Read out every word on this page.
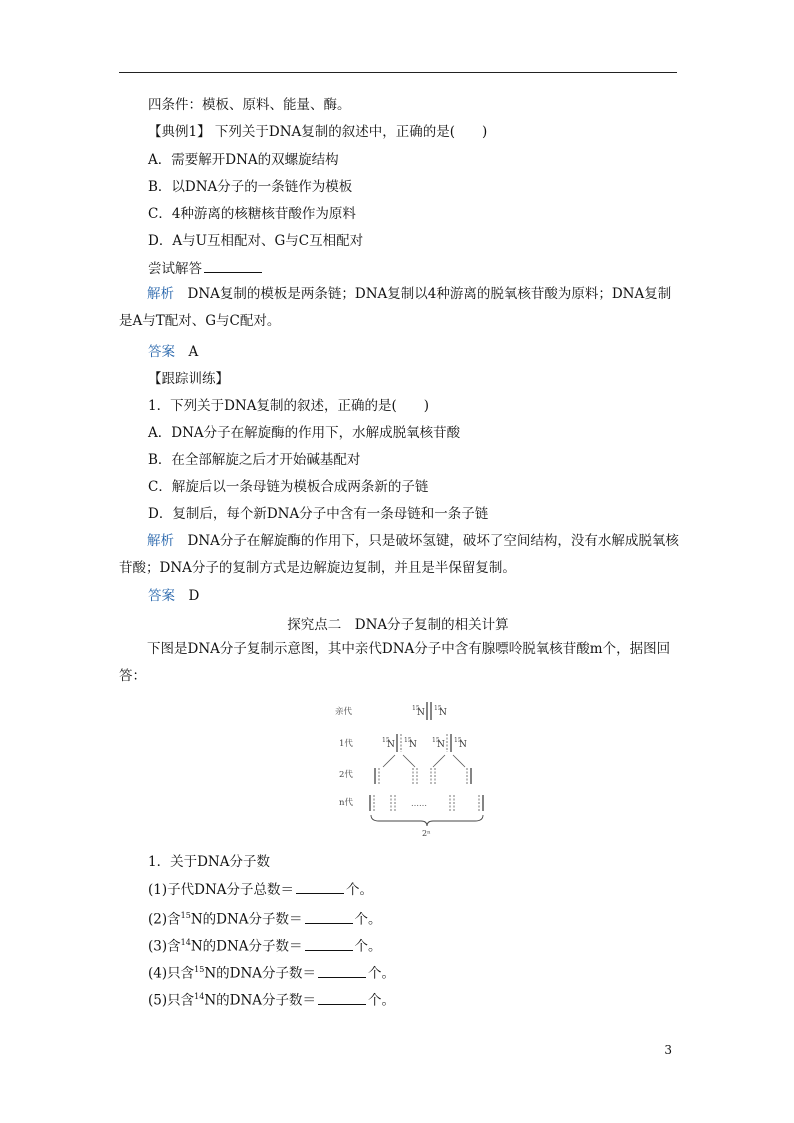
四条件：模板、原料、能量、酶。
【典例1】 下列关于DNA复制的叙述中，正确的是(　　)
A．需要解开DNA的双螺旋结构
B．以DNA分子的一条链作为模板
C．4种游离的核糖核苷酸作为原料
D．A与U互相配对、G与C互相配对
尝试解答
解析　 DNA复制的模板是两条链；DNA复制以4种游离的脱氧核苷酸为原料；DNA复制是A与T配对、G与C配对。
答案　 A
【跟踪训练】
1．下列关于DNA复制的叙述，正确的是(　　)
A．DNA分子在解旋酶的作用下，水解成脱氧核苷酸
B．在全部解旋之后才开始碱基配对
C．解旋后以一条母链为模板合成两条新的子链
D．复制后，每个新DNA分子中含有一条母链和一条子链
解析　 DNA分子在解旋酶的作用下，只是破坏氢键，破坏了空间结构，没有水解成脱氧核苷酸；DNA分子的复制方式是边解旋边复制，并且是半保留复制。
答案　 D
探究点二　DNA分子复制的相关计算
下图是DNA分子复制示意图，其中亲代DNA分子中含有腺嘌呤脱氧核苷酸m个，据图回答：
亲代
1代
2代
n代
15
N 15
N
15
N 15
N	15
N 15
N
……
2ⁿ
1．关于DNA分子数
(1)子代DNA分子总数＝	个。
(2)含$^{15}$N的DNA分子数＝	个。
(3)含$^{14}$N的DNA分子数＝	个。
(4)只含$^{15}$N的DNA分子数＝	个。
(5)只含$^{14}$N的DNA分子数＝	个。
3
